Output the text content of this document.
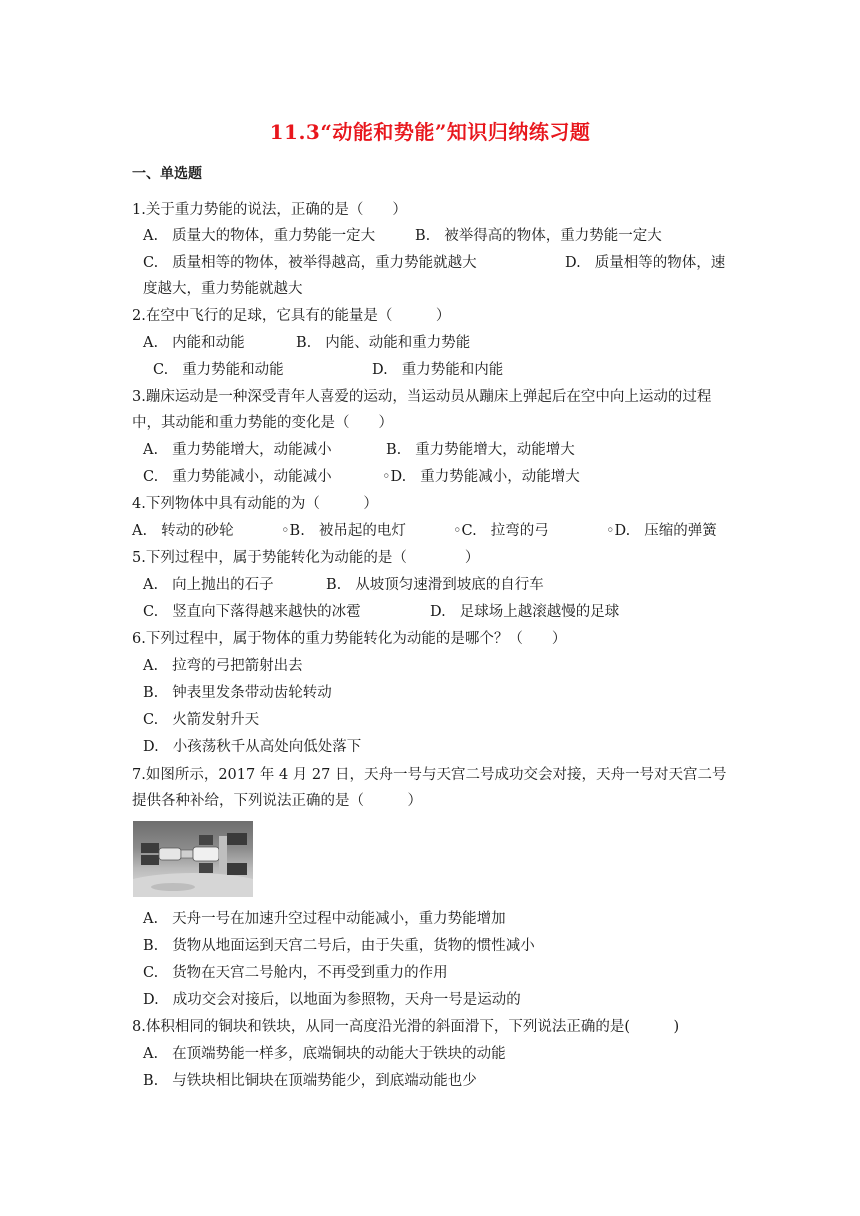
11.3“动能和势能”知识归纳练习题
一、单选题
1.关于重力势能的说法，正确的是（　　）
A. 质量大的物体，重力势能一定大	B. 被举得高的物体，重力势能一定大
C. 质量相等的物体，被举得越高，重力势能就越大	D. 质量相等的物体，速
度越大，重力势能就越大
2.在空中飞行的足球，它具有的能量是（　　　）
A. 内能和动能	B. 内能、动能和重力势能
C. 重力势能和动能	D. 重力势能和内能
3.蹦床运动是一种深受青年人喜爱的运动，当运动员从蹦床上弹起后在空中向上运动的过程
中，其动能和重力势能的变化是（　　）
A. 重力势能增大，动能减小	B. 重力势能增大，动能增大
C. 重力势能减小，动能减小	◦D. 重力势能减小，动能增大
4.下列物体中具有动能的为（　　　）
A. 转动的砂轮	◦B. 被吊起的电灯	◦C. 拉弯的弓	◦D. 压缩的弹簧
5.下列过程中，属于势能转化为动能的是（　　　　）
A. 向上抛出的石子	B. 从坡顶匀速滑到坡底的自行车
C. 竖直向下落得越来越快的冰雹	D. 足球场上越滚越慢的足球
6.下列过程中，属于物体的重力势能转化为动能的是哪个？（　　）
A. 拉弯的弓把箭射出去
B. 钟表里发条带动齿轮转动
C. 火箭发射升天
D. 小孩荡秋千从高处向低处落下
7.如图所示，2017 年 4 月 27 日，天舟一号与天宫二号成功交会对接，天舟一号对天宫二号
提供各种补给，下列说法正确的是（　　　）
A. 天舟一号在加速升空过程中动能减小，重力势能增加
B. 货物从地面运到天宫二号后，由于失重，货物的惯性减小
C. 货物在天宫二号舱内，不再受到重力的作用
D. 成功交会对接后，以地面为参照物，天舟一号是运动的
8.体积相同的铜块和铁块，从同一高度沿光滑的斜面滑下，下列说法正确的是(　　　)
A. 在顶端势能一样多，底端铜块的动能大于铁块的动能
B. 与铁块相比铜块在顶端势能少，到底端动能也少
